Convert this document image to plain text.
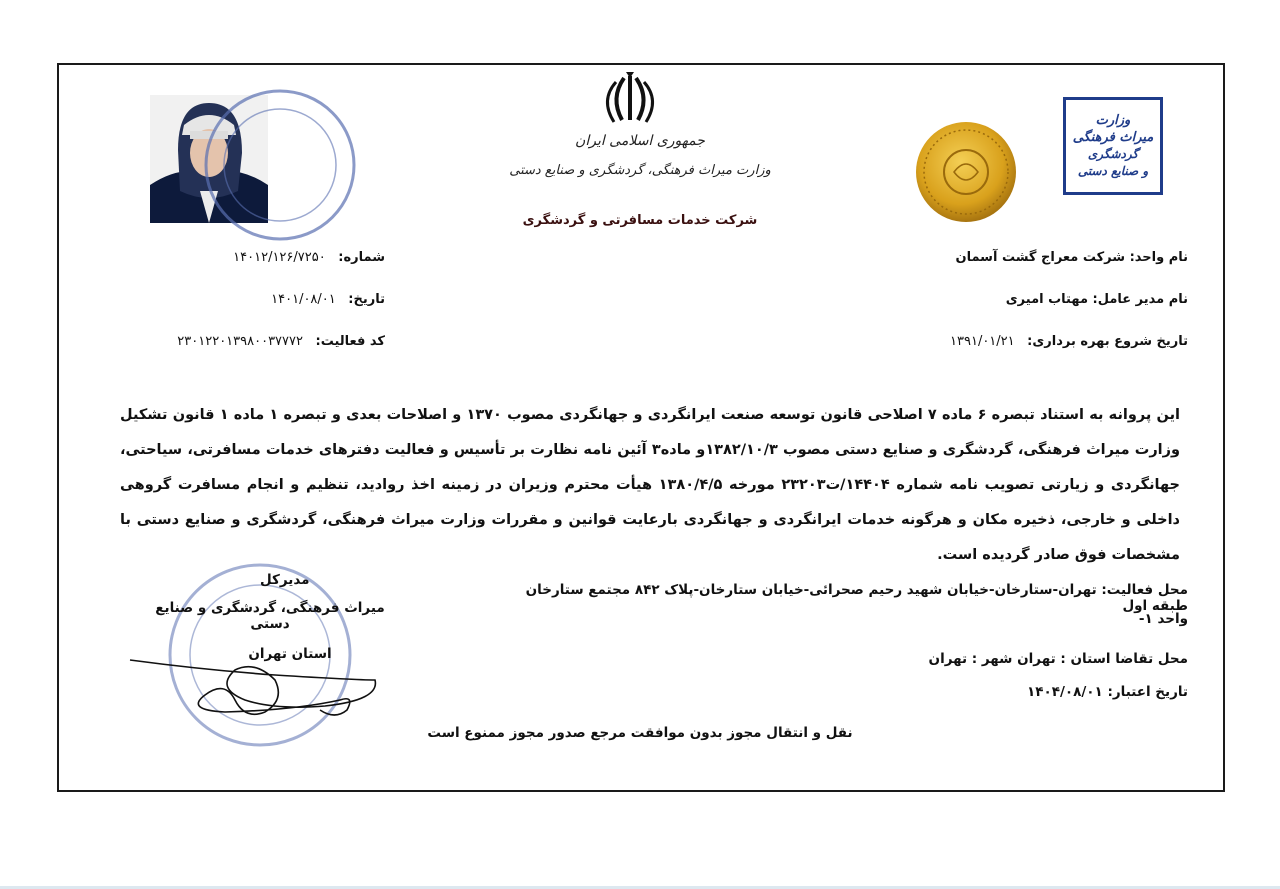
جمهوری اسلامی ایران
وزارت میراث فرهنگی، گردشگری و صنایع دستی
شرکت خدمات مسافرتی و گردشگری
وزارت
میراث فرهنگی
گردشگری
و صنایع دستی
شماره: ۱۴۰۱۲/۱۲۶/۷۲۵۰
تاریخ: ۱۴۰۱/۰۸/۰۱
کد فعالیت: ۲۳۰۱۲۲۰۱۳۹۸۰۰۳۷۷۷۲
نام واحد: شرکت معراج گشت آسمان
نام مدیر عامل: مهتاب امیری
تاریخ شروع بهره برداری: ۱۳۹۱/۰۱/۲۱
این پروانه به استناد تبصره ۶ ماده ۷ اصلاحی قانون توسعه صنعت ایرانگردی و جهانگردی مصوب ۱۳۷۰ و اصلاحات بعدی و تبصره ۱ ماده ۱ قانون تشکیل وزارت میراث فرهنگی، گردشگری و صنایع دستی مصوب ۱۳۸۲/۱۰/۳و ماده۳ آئین نامه نظارت بر تأسیس و فعالیت دفترهای خدمات مسافرتی، سیاحتی، جهانگردی و زیارتی تصویب نامه شماره ۱۴۴۰۴/ت۲۳۲۰۳ مورخه ۱۳۸۰/۴/۵ هیأت محترم وزیران در زمینه اخذ روادید، تنظیم و انجام مسافرت گروهی داخلی و خارجی، ذخیره مکان و هرگونه خدمات ایرانگردی و جهانگردی بارعایت قوانین و مقررات وزارت میراث فرهنگی، گردشگری و صنایع دستی با مشخصات فوق صادر گردیده است.
محل فعالیت: تهران-ستارخان-خیابان شهید رحیم صحرائی-خیابان ستارخان-پلاک ۸۴۲ مجتمع ستارخان طبقه اول
واحد ۱-
محل تقاضا استان : تهران شهر : تهران
تاریخ اعتبار: ۱۴۰۴/۰۸/۰۱
مدیرکل
میراث فرهنگی، گردشگری و صنایع دستی
استان تهران
نقل و انتقال مجوز بدون موافقت مرجع صدور مجوز ممنوع است
